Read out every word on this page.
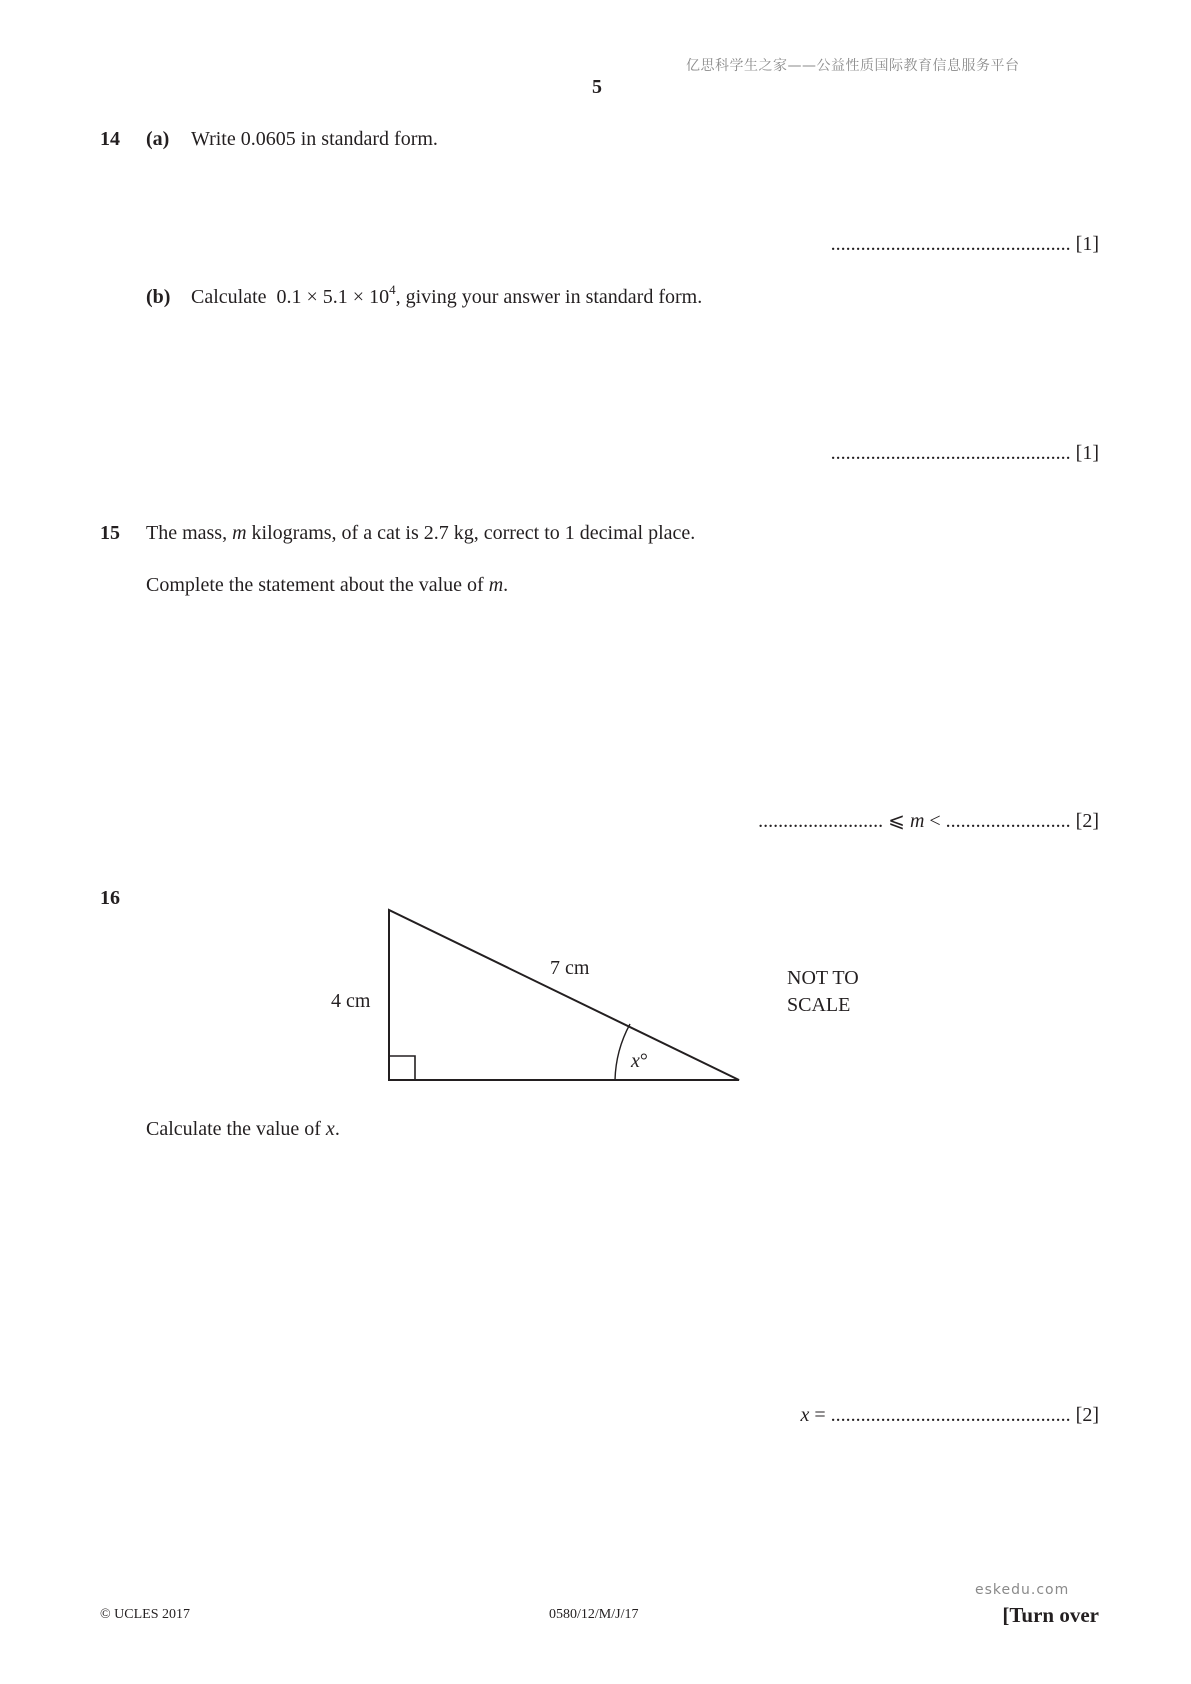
亿思科学生之家——公益性质国际教育信息服务平台
5
14 (a) Write 0.0605 in standard form.
................................................ [1]
(b) Calculate $0.1 \times 5.1 \times 10^4$, giving your answer in standard form.
................................................ [1]
15 The mass, m kilograms, of a cat is 2.7 kg, correct to 1 decimal place.
Complete the statement about the value of m.
......................... ⩽ m < ......................... [2]
16
4 cm
7 cm
x°
NOT TO
SCALE
Calculate the value of x.
x = ................................................ [2]
eskedu.com
© UCLES 2017	0580/12/M/J/17	[Turn over
